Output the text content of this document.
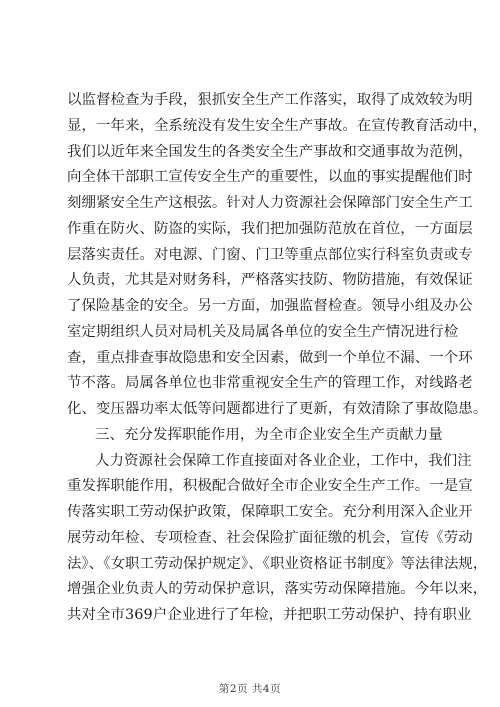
以监督检查为手段，狠抓安全生产工作落实，取得了成效较为明
显，一年来，全系统没有发生安全生产事故。在宣传教育活动中，
我们以近年来全国发生的各类安全生产事故和交通事故为范例，
向全体干部职工宣传安全生产的重要性，以血的事实提醒他们时
刻绷紧安全生产这根弦。针对人力资源社会保障部门安全生产工
作重在防火、防盗的实际，我们把加强防范放在首位，一方面层
层落实责任。对电源、门窗、门卫等重点部位实行科室负责或专
人负责，尤其是对财务科，严格落实技防、物防措施，有效保证
了保险基金的安全。另一方面，加强监督检查。领导小组及办公
室定期组织人员对局机关及局属各单位的安全生产情况进行检
查，重点排查事故隐患和安全因素，做到一个单位不漏、一个环
节不落。局属各单位也非常重视安全生产的管理工作，对线路老
化、变压器功率太低等问题都进行了更新，有效清除了事故隐患。
三、充分发挥职能作用，为全市企业安全生产贡献力量
人力资源社会保障工作直接面对各业企业，工作中，我们注
重发挥职能作用，积极配合做好全市企业安全生产工作。一是宣
传落实职工劳动保护政策，保障职工安全。充分利用深入企业开
展劳动年检、专项检查、社会保险扩面征缴的机会，宣传《劳动
法》、《女职工劳动保护规定》、《职业资格证书制度》等法律法规，
增强企业负责人的劳动保护意识，落实劳动保障措施。今年以来，
共对全市369户企业进行了年检，并把职工劳动保护、持有职业
第2页 共4页
